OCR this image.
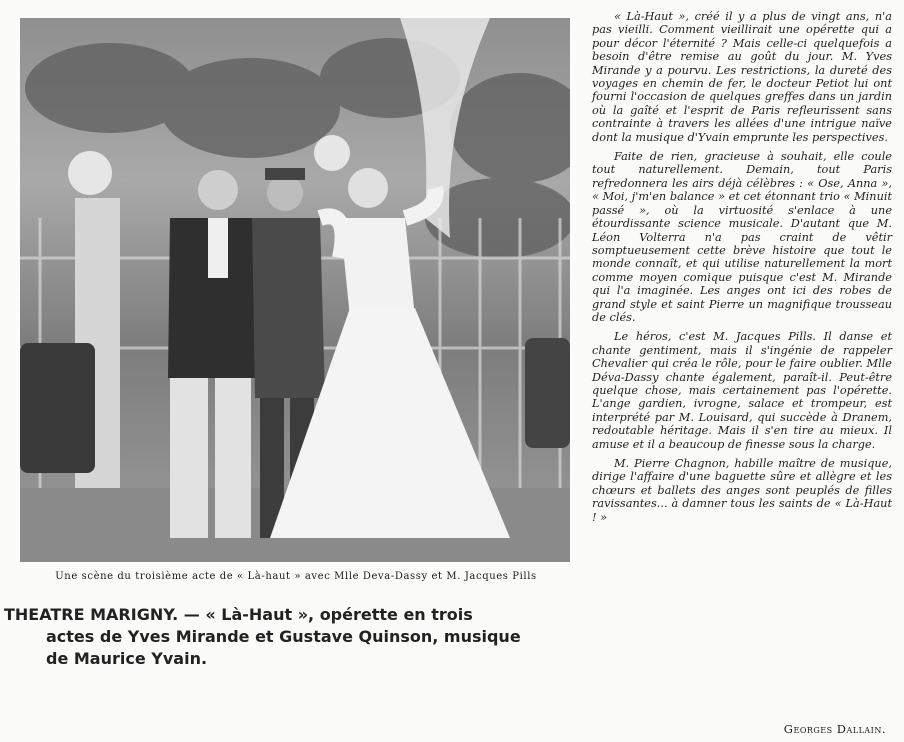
Une scène du troisième acte de « Là-haut » avec Mlle Deva-Dassy et M. Jacques Pills
THEATRE MARIGNY. — « Là-Haut », opérette en trois
actes de Yves Mirande et Gustave Quinson, musique
de Maurice Yvain.

« Là-Haut », créé il y a plus de vingt ans, n'a pas vieilli. Comment vieillirait une opérette qui a pour décor l'éternité ? Mais celle-ci quelquefois a besoin d'être remise au goût du jour. M. Yves Mirande y a pourvu. Les restrictions, la dureté des voyages en chemin de fer, le docteur Petiot lui ont fourni l'occasion de quelques greffes dans un jardin où la gaîté et l'esprit de Paris refleurissent sans contrainte à travers les allées d'une intrigue naïve dont la musique d'Yvain emprunte les perspectives.

Faite de rien, gracieuse à souhait, elle coule tout naturellement. Demain, tout Paris refredonnera les airs déjà célèbres : « Ose, Anna », « Moi, j'm'en balance » et cet étonnant trio « Minuit passé », où la virtuosité s'enlace à une étourdissante science musicale. D'autant que M. Léon Volterra n'a pas craint de vêtir somptueusement cette brève histoire que tout le monde connaît, et qui utilise naturellement la mort comme moyen comique puisque c'est M. Mirande qui l'a imaginée. Les anges ont ici des robes de grand style et saint Pierre un magnifique trousseau de clés.

Le héros, c'est M. Jacques Pills. Il danse et chante gentiment, mais il s'ingénie de rappeler Chevalier qui créa le rôle, pour le faire oublier. Mlle Déva-Dassy chante également, paraît-il. Peut-être quelque chose, mais certainement pas l'opérette. L'ange gardien, ivrogne, salace et trompeur, est interprété par M. Louisard, qui succède à Dranem, redoutable héritage. Mais il s'en tire au mieux. Il amuse et il a beaucoup de finesse sous la charge.

M. Pierre Chagnon, habille maître de musique, dirige l'affaire d'une baguette sûre et allègre et les chœurs et ballets des anges sont peuplés de filles ravissantes... à damner tous les saints de « Là-Haut ! »

Georges Dallain.
